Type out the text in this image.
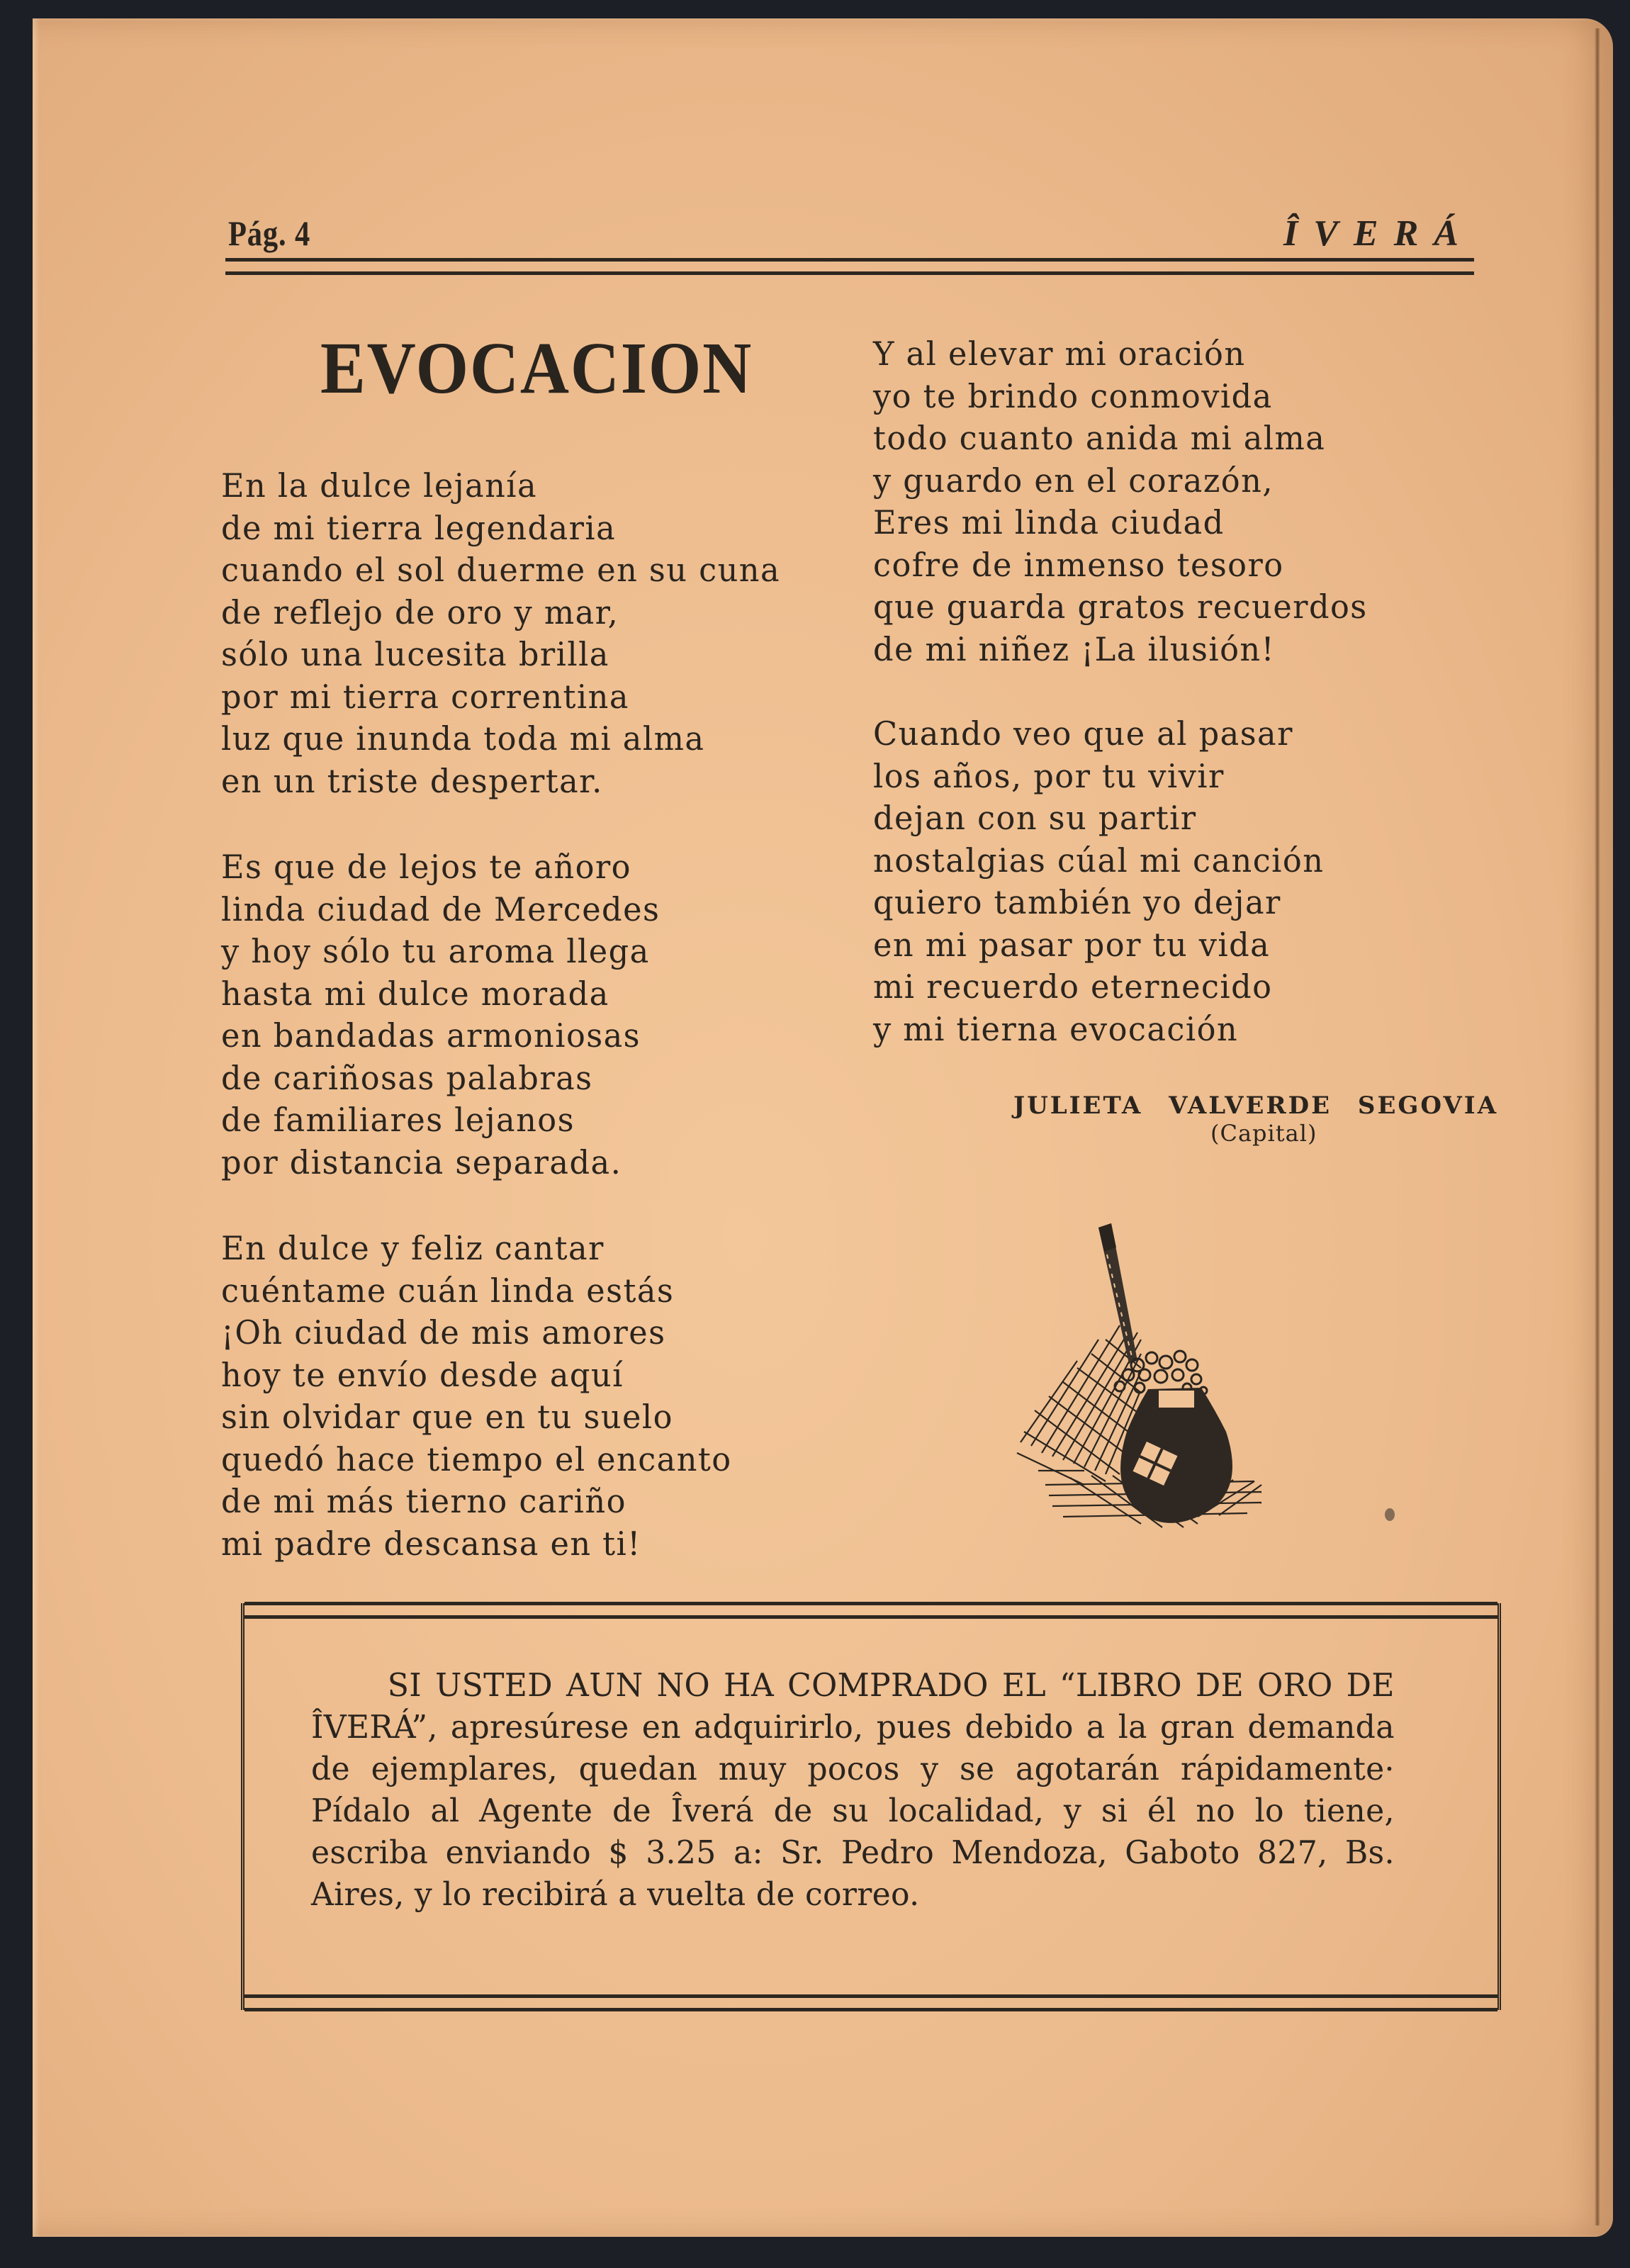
Pág. 4	ÎVERÁ
EVOCACION
En la dulce lejanía
de mi tierra legendaria
cuando el sol duerme en su cuna
de reflejo de oro y mar,
sólo una lucesita brilla
por mi tierra correntina
luz que inunda toda mi alma
en un triste despertar.
Es que de lejos te añoro
linda ciudad de Mercedes
y hoy sólo tu aroma llega
hasta mi dulce morada
en bandadas armoniosas
de cariñosas palabras
de familiares lejanos
por distancia separada.
En dulce y feliz cantar
cuéntame cuán linda estás
¡Oh ciudad de mis amores
hoy te envío desde aquí
sin olvidar que en tu suelo
quedó hace tiempo el encanto
de mi más tierno cariño
mi padre descansa en ti!
Y al elevar mi oración
yo te brindo conmovida
todo cuanto anida mi alma
y guardo en el corazón,
Eres mi linda ciudad
cofre de inmenso tesoro
que guarda gratos recuerdos
de mi niñez ¡La ilusión!
Cuando veo que al pasar
los años, por tu vivir
dejan con su partir
nostalgias cúal mi canción
quiero también yo dejar
en mi pasar por tu vida
mi recuerdo eternecido
y mi tierna evocación
JULIETA VALVERDE SEGOVIA
(Capital)

SI USTED AUN NO HA COMPRADO EL “LIBRO DE ORO DE ÎVERÁ”, apresúrese en adquirirlo, pues debido a la gran demanda de ejemplares, quedan muy pocos y se agotarán rápidamente· Pídalo al Agente de Îverá de su localidad, y si él no lo tiene, escriba enviando $ 3.25 a: Sr. Pedro Mendoza, Gaboto 827, Bs. Aires, y lo recibirá a vuelta de correo.
